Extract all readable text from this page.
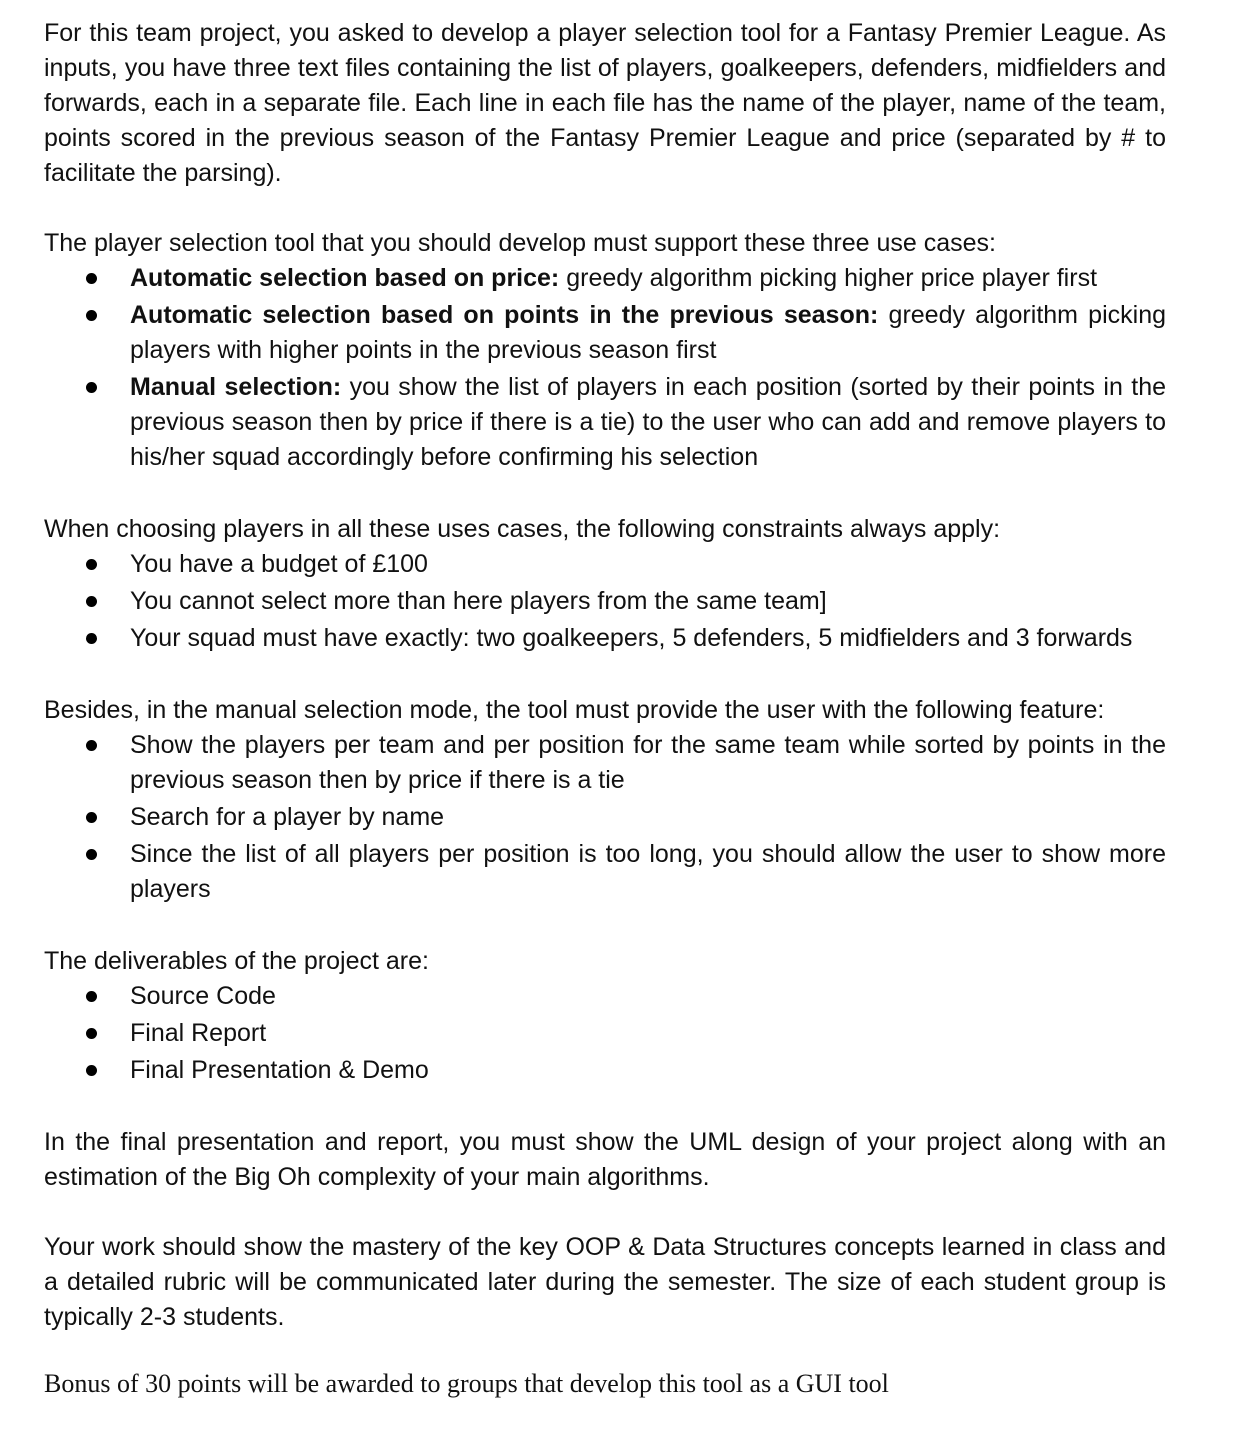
For this team project, you asked to develop a player selection tool for a Fantasy Premier League. As inputs, you have three text files containing the list of players, goalkeepers, defenders, midfielders and forwards, each in a separate file. Each line in each file has the name of the player, name of the team, points scored in the previous season of the Fantasy Premier League and price (separated by # to facilitate the parsing).

The player selection tool that you should develop must support these three use cases:

Automatic selection based on price: greedy algorithm picking higher price player first
Automatic selection based on points in the previous season: greedy algorithm picking players with higher points in the previous season first
Manual selection: you show the list of players in each position (sorted by their points in the previous season then by price if there is a tie) to the user who can add and remove players to his/her squad accordingly before confirming his selection

When choosing players in all these uses cases, the following constraints always apply:

You have a budget of £100
You cannot select more than here players from the same team]
Your squad must have exactly: two goalkeepers, 5 defenders, 5 midfielders and 3 forwards

Besides, in the manual selection mode, the tool must provide the user with the following feature:

Show the players per team and per position for the same team while sorted by points in the previous season then by price if there is a tie
Search for a player by name
Since the list of all players per position is too long, you should allow the user to show more players

The deliverables of the project are:

Source Code
Final Report
Final Presentation & Demo

In the final presentation and report, you must show the UML design of your project along with an estimation of the Big Oh complexity of your main algorithms.

Your work should show the mastery of the key OOP & Data Structures concepts learned in class and a detailed rubric will be communicated later during the semester. The size of each student group is typically 2-3 students.

Bonus of 30 points will be awarded to groups that develop this tool as a GUI tool
